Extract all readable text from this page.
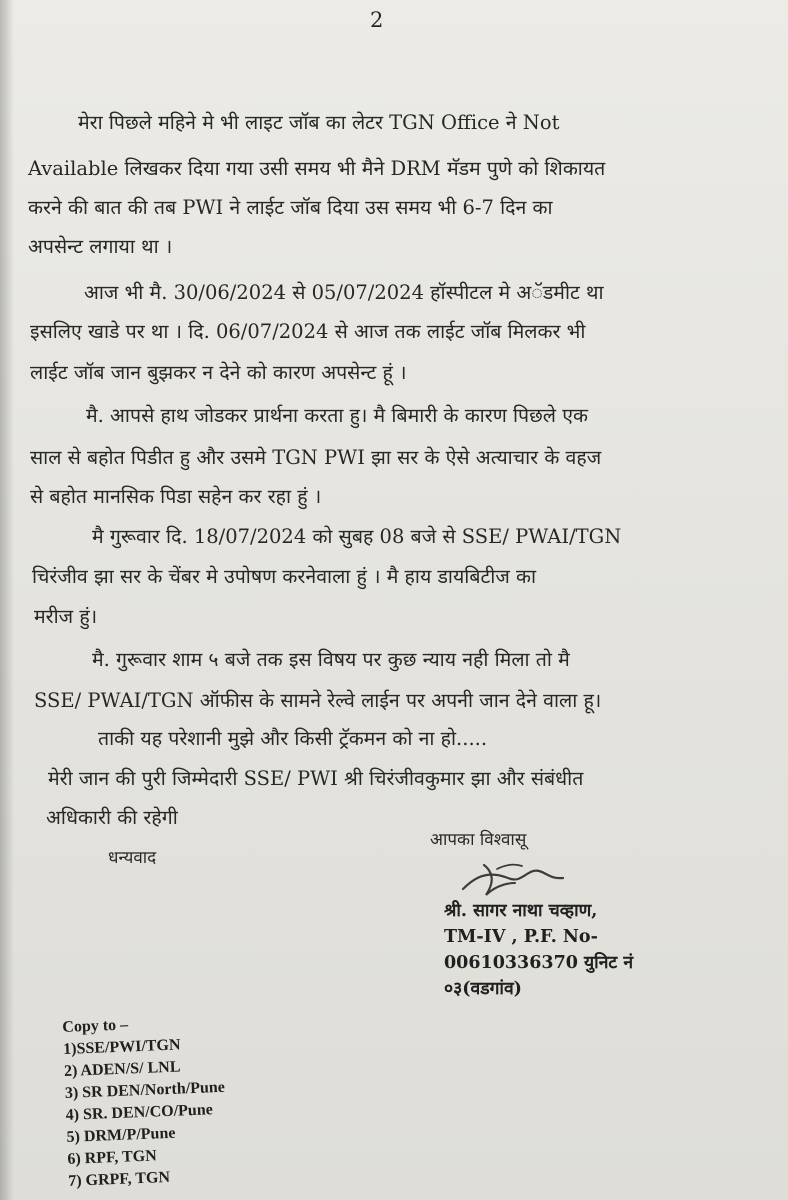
2
मेरा पिछले महिने मे भी लाइट जॉब का लेटर TGN Office ने Not
Available लिखकर दिया गया उसी समय भी मैने DRM मॅडम पुणे को शिकायत
करने की बात की तब PWI ने लाईट जॉब दिया उस समय भी 6-7 दिन का
अपसेन्ट लगाया था ।
आज भी मै. 30/06/2024 से 05/07/2024 हॉस्पीटल मे अॅडमीट था
इसलिए खाडे पर था । दि. 06/07/2024 से आज तक लाईट जॉब मिलकर भी
लाईट जॉब जान बुझकर न देने को कारण अपसेन्ट हूं ।
मै. आपसे हाथ जोडकर प्रार्थना करता हु। मै बिमारी के कारण पिछले एक
साल से बहोत पिडीत हु और उसमे TGN PWI झा सर के ऐसे अत्याचार के वहज
से बहोत मानसिक पिडा सहेन कर रहा हुं ।
मै गुरूवार दि. 18/07/2024 को सुबह 08 बजे से SSE/ PWAI/TGN
चिरंजीव झा सर के चेंबर मे उपोषण करनेवाला हुं । मै हाय डायबिटीज का
मरीज हुं।
मै. गुरूवार शाम ५ बजे तक इस विषय पर कुछ न्याय नही मिला तो मै
SSE/ PWAI/TGN ऑफीस के सामने रेल्वे लाईन पर अपनी जान देने वाला हू।
ताकी यह परेशानी मुझे और किसी ट्रॅकमन को ना हो.....
मेरी जान की पुरी जिम्मेदारी SSE/ PWI श्री चिरंजीवकुमार झा और संबंधीत
अधिकारी की रहेगी
आपका विश्वासू
धन्यवाद
श्री. सागर नाथा चव्हाण,
TM-IV , P.F. No-
00610336370 युनिट नं
०३(वडगांव)
Copy to –
1)SSE/PWI/TGN
2) ADEN/S/ LNL
3) SR DEN/North/Pune
4) SR. DEN/CO/Pune
5) DRM/P/Pune
6) RPF, TGN
7) GRPF, TGN
